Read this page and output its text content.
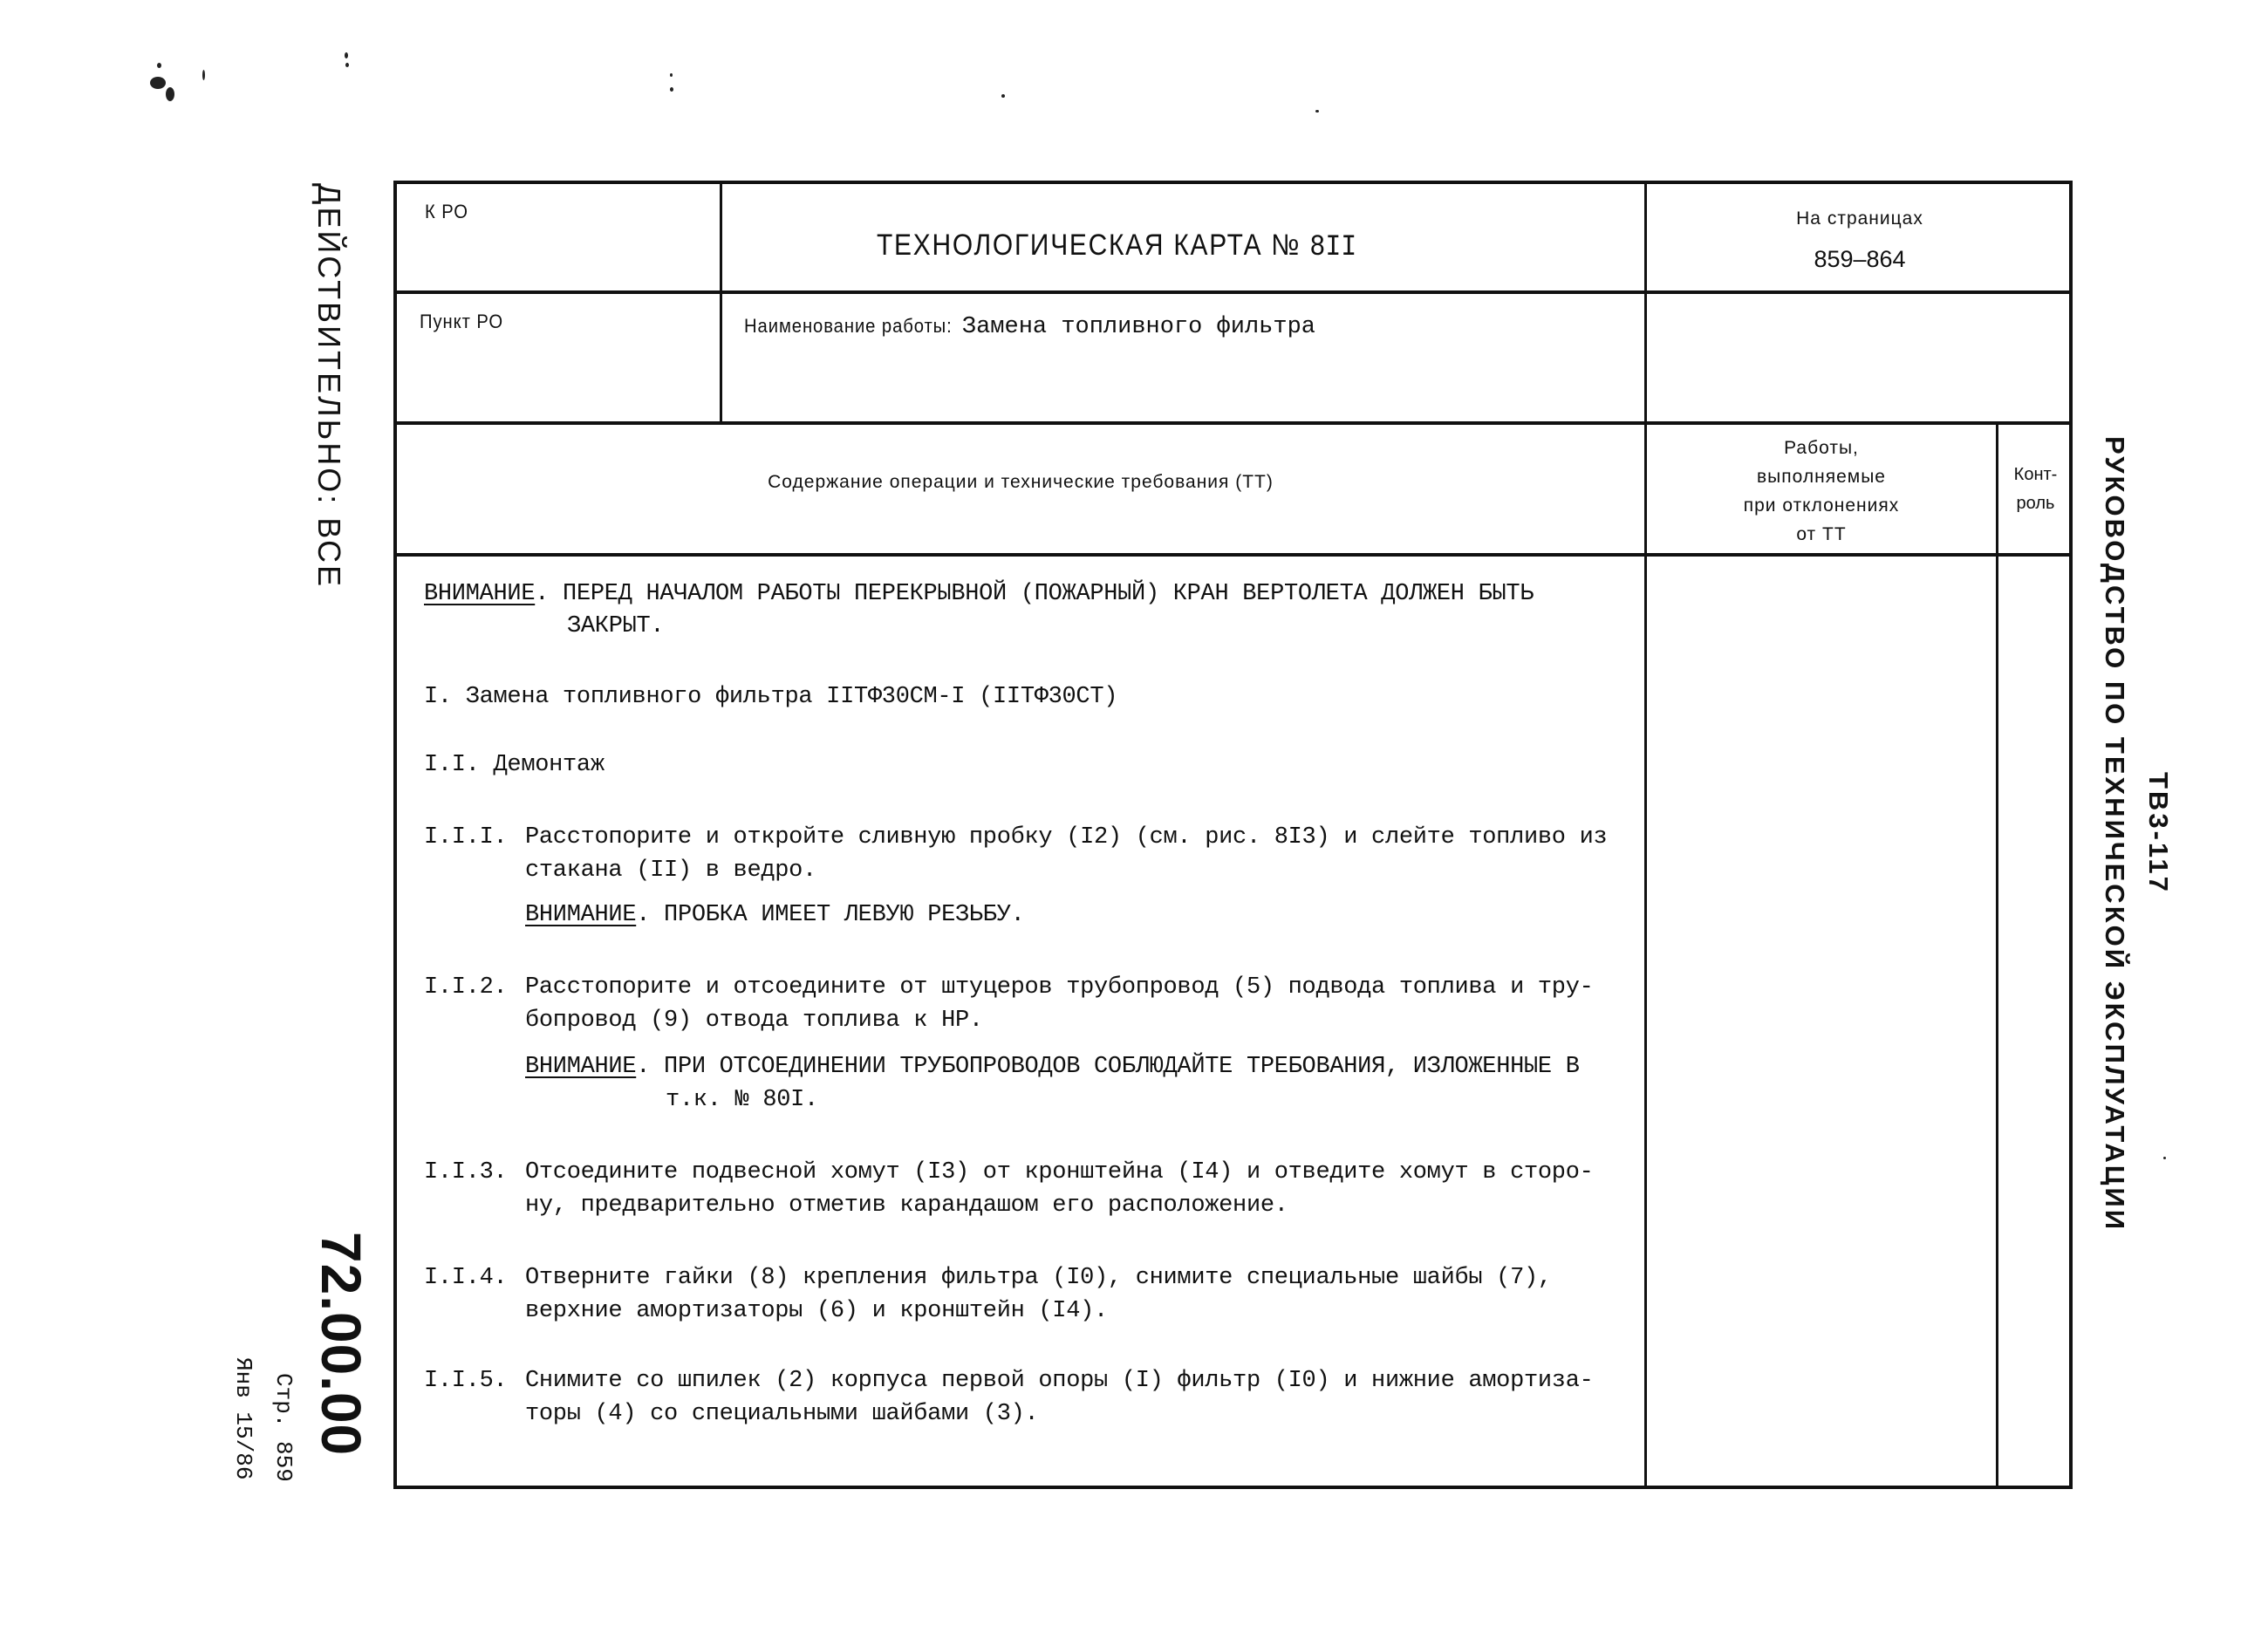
ДЕЙСТВИТЕЛЬНО: ВСЕ
72.00.00
Стр. 859
Янв 15/86
РУКОВОДСТВО ПО ТЕХНИЧЕСКОЙ ЭКСПЛУАТАЦИИ ТВ3-117
К РО
ТЕХНОЛОГИЧЕСКАЯ КАРТА № 8II
На страницах
859–864
Пункт РО	Наименование работы: Замена топливного фильтра
Содержание операции и технические требования (ТТ)
Работы,
выполняемые
при отклонениях
от ТТ
Конт-
роль
ВНИМАНИЕ. ПЕРЕД НАЧАЛОМ РАБОТЫ ПЕРЕКРЫВНОЙ (ПОЖАРНЫЙ) КРАН ВЕРТОЛЕТА ДОЛЖЕН БЫТЬ
ЗАКРЫТ.
I. Замена топливного фильтра IIТФ30СМ-I (IIТФ30СТ)
I.I. Демонтаж
I.I.I. Расстопорите и откройте сливную пробку (I2) (см. рис. 8I3) и слейте топливо из
стакана (II) в ведро.
ВНИМАНИЕ. ПРОБКА ИМЕЕТ ЛЕВУЮ РЕЗЬБУ.
I.I.2. Расстопорите и отсоедините от штуцеров трубопровод (5) подвода топлива и тру-
бопровод (9) отвода топлива к НР.
ВНИМАНИЕ. ПРИ ОТСОЕДИНЕНИИ ТРУБОПРОВОДОВ СОБЛЮДАЙТЕ ТРЕБОВАНИЯ, ИЗЛОЖЕННЫЕ В
т.к. № 80I.
I.I.3. Отсоедините подвесной хомут (I3) от кронштейна (I4) и отведите хомут в сторо-
ну, предварительно отметив карандашом его расположение.
I.I.4. Отверните гайки (8) крепления фильтра (I0), снимите специальные шайбы (7),
верхние амортизаторы (6) и кронштейн (I4).
I.I.5. Снимите со шпилек (2) корпуса первой опоры (I) фильтр (I0) и нижние амортиза-
торы (4) со специальными шайбами (3).
